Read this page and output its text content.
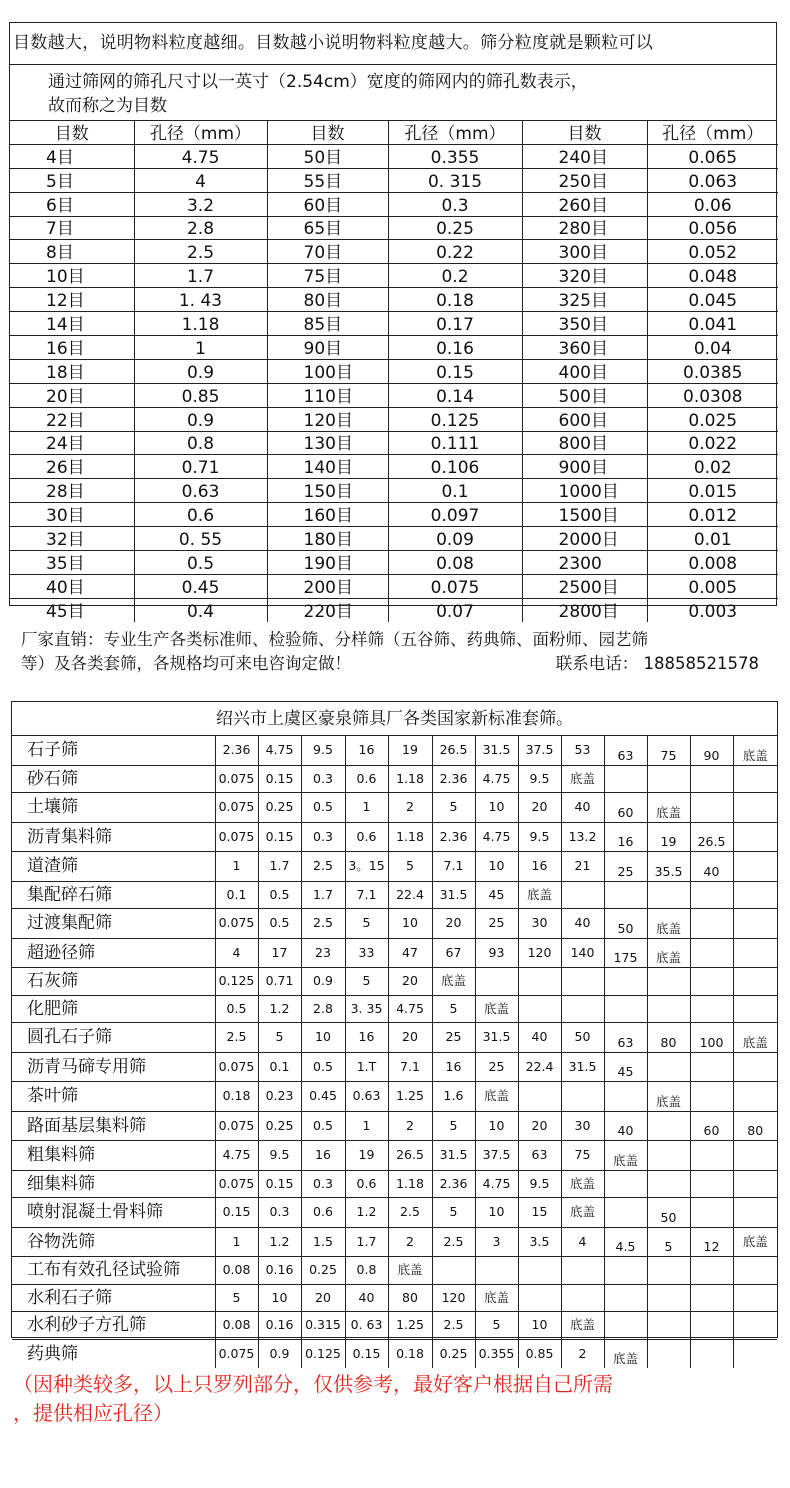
目数越大，说明物料粒度越细。目数越小说明物料粒度越大。筛分粒度就是颗粒可以
通过筛网的筛孔尺寸以一英寸（2.54cm）宽度的筛网内的筛孔数表示，
故而称之为目数
目数	孔径（mm）	目数	孔径（mm）	目数	孔径（mm）
4目	4.75	50目	0.355	240目	0.065
5目	4	55目	0. 315	250目	0.063
6目	3.2	60目	0.3	260目	0.06
7目	2.8	65目	0.25	280目	0.056
8目	2.5	70目	0.22	300目	0.052
10目	1.7	75目	0.2	320目	0.048
12目	1. 43	80目	0.18	325目	0.045
14目	1.18	85目	0.17	350目	0.041
16目	1	90目	0.16	360目	0.04
18目	0.9	100目	0.15	400目	0.0385
20目	0.85	110目	0.14	500目	0.0308
22目	0.9	120目	0.125	600目	0.025
24目	0.8	130目	0.111	800目	0.022
26目	0.71	140目	0.106	900目	0.02
28目	0.63	150目	0.1	1000目	0.015
30目	0.6	160目	0.097	1500目	0.012
32目	0. 55	180目	0.09	2000日	0.01
35目	0.5	190目	0.08	2300	0.008
40目	0.45	200目	0.075	2500目	0.005
45目	0.4	220目	0.07	2800目	0.003
厂家直销：专业生产各类标准师、检验筛、分样筛（五谷筛、药典筛、面粉师、园艺筛
等）及各类套筛，各规格均可来电咨询定做！	联系电话： 18858521578
绍兴市上虞区豪泉筛具厂各类国家新标准套筛。
石子筛	2.36	4.75	9.5	16	19	26.5	31.5	37.5	53	63	75	90	底盖
砂石筛	0.075	0.15	0.3	0.6	1.18	2.36	4.75	9.5	底盖				
土壤筛	0.075	0.25	0.5	1	2	5	10	20	40	60	底盖		
沥青集料筛	0.075	0.15	0.3	0.6	1.18	2.36	4.75	9.5	13.2	16	19	26.5	
道渣筛	1	1.7	2.5	3。15	5	7.1	10	16	21	25	35.5	40	
集配碎石筛	0.1	0.5	1.7	7.1	22.4	31.5	45	底盖					
过渡集配筛	0.075	0.5	2.5	5	10	20	25	30	40	50	底盖		
超逊径筛	4	17	23	33	47	67	93	120	140	175	底盖		
石灰筛	0.125	0.71	0.9	5	20	底盖							
化肥筛	0.5	1.2	2.8	3. 35	4.75	5	底盖						
圆孔石子筛	2.5	5	10	16	20	25	31.5	40	50	63	80	100	底盖
沥青马碲专用筛	0.075	0.1	0.5	1.T	7.1	16	25	22.4	31.5	45			
茶叶筛	0.18	0.23	0.45	0.63	1.25	1.6	底盖				底盖		
路面基层集料筛	0.075	0.25	0.5	1	2	5	10	20	30	40		60	80
粗集料筛	4.75	9.5	16	19	26.5	31.5	37.5	63	75	底盖			
细集料筛	0.075	0.15	0.3	0.6	1.18	2.36	4.75	9.5	底盖				
喷射混凝土骨料筛	0.15	0.3	0.6	1.2	2.5	5	10	15	底盖		50		
谷物洗筛	1	1.2	1.5	1.7	2	2.5	3	3.5	4	4.5	5	12	底盖
工布有效孔径试验筛	0.08	0.16	0.25	0.8	底盖								
水利石子筛	5	10	20	40	80	120	底盖						
水利砂子方孔筛	0.08	0.16	0.315	0. 63	1.25	2.5	5	10	底盖				
药典筛	0.075	0.9	0.125	0.15	0.18	0.25	0.355	0.85	2	底盖			
（因种类较多，以上只罗列部分，仅供参考，最好客户根据自己所需
，提供相应孔径）
